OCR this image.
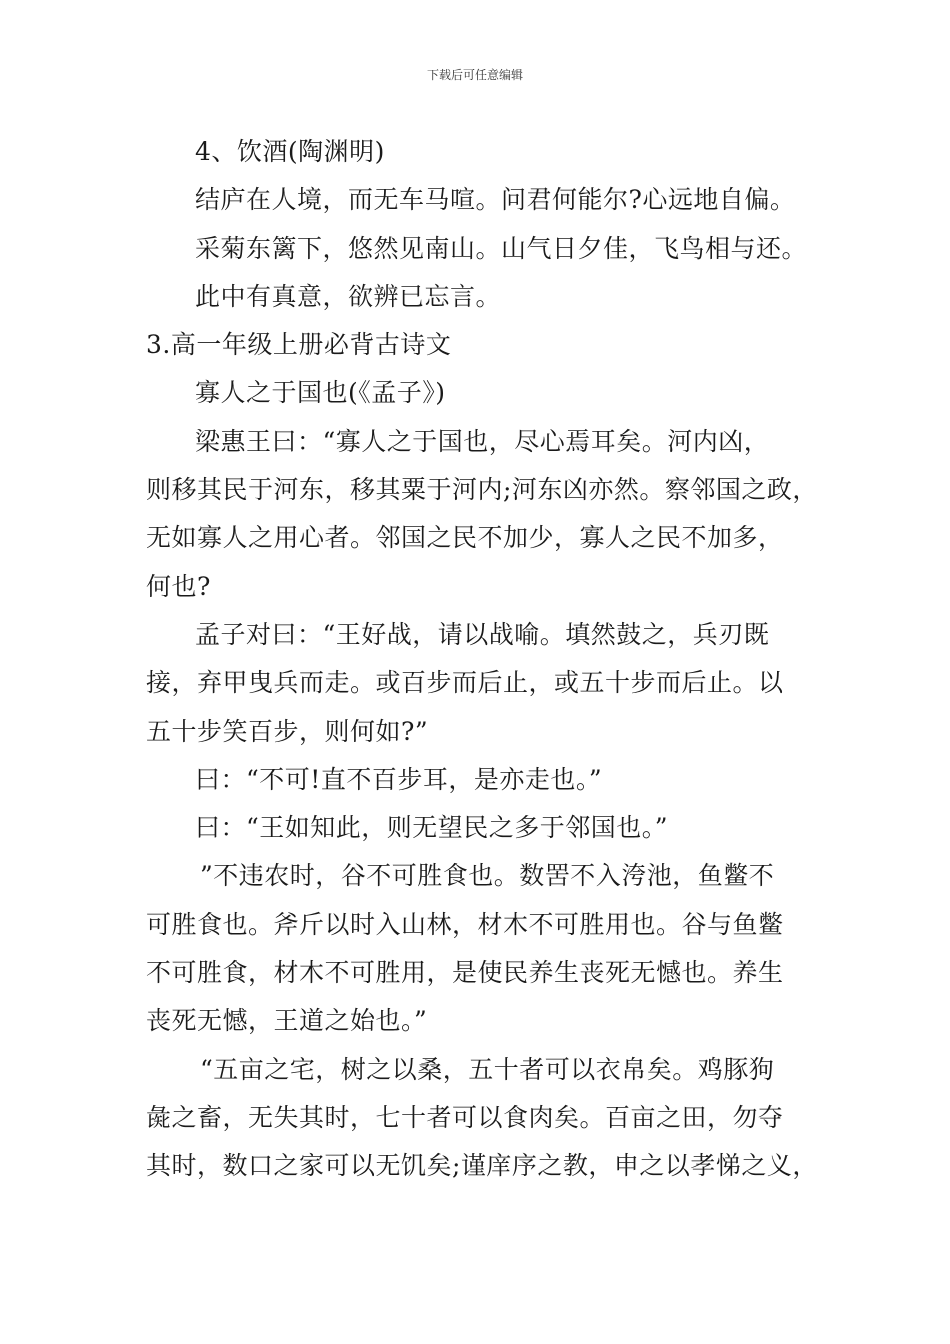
下载后可任意编辑
4、饮酒(陶渊明)
结庐在人境，而无车马喧。问君何能尔?心远地自偏。
采菊东篱下，悠然见南山。山气日夕佳，飞鸟相与还。
此中有真意，欲辨已忘言。
3.高一年级上册必背古诗文
寡人之于国也(《孟子》)
梁惠王曰：“寡人之于国也，尽心焉耳矣。河内凶，
则移其民于河东，移其粟于河内;河东凶亦然。察邻国之政，
无如寡人之用心者。邻国之民不加少，寡人之民不加多，
何也?
孟子对曰：“王好战，请以战喻。填然鼓之，兵刃既
接，弃甲曳兵而走。或百步而后止，或五十步而后止。以
五十步笑百步，则何如?”
曰：“不可!直不百步耳，是亦走也。”
曰：“王如知此，则无望民之多于邻国也。”
”不违农时，谷不可胜食也。数罟不入洿池，鱼鳖不
可胜食也。斧斤以时入山林，材木不可胜用也。谷与鱼鳖
不可胜食，材木不可胜用，是使民养生丧死无憾也。养生
丧死无憾，王道之始也。”
“五亩之宅，树之以桑，五十者可以衣帛矣。鸡豚狗
彘之畜，无失其时，七十者可以食肉矣。百亩之田，勿夺
其时，数口之家可以无饥矣;谨庠序之教，申之以孝悌之义，
